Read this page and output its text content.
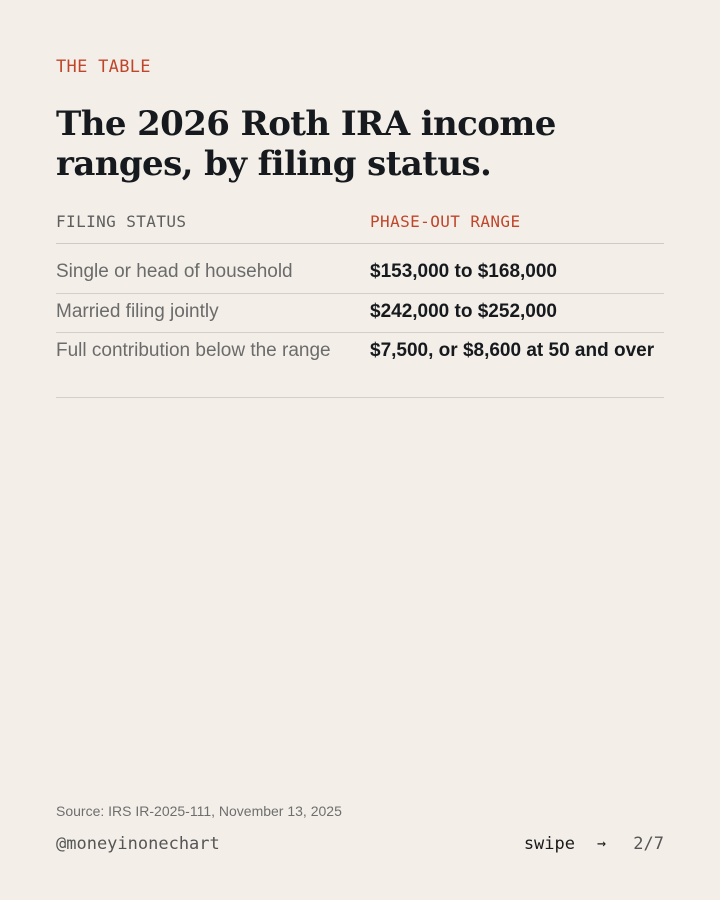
THE TABLE
The 2026 Roth IRA income ranges, by filing status.
FILING STATUS	PHASE-OUT RANGE
Single or head of household	$153,000 to $168,000
Married filing jointly	$242,000 to $252,000
Full contribution below the range	$7,500, or $8,600 at 50 and over
Source: IRS IR-2025-111, November 13, 2025
@moneyinonechart	swipe → 2/7
